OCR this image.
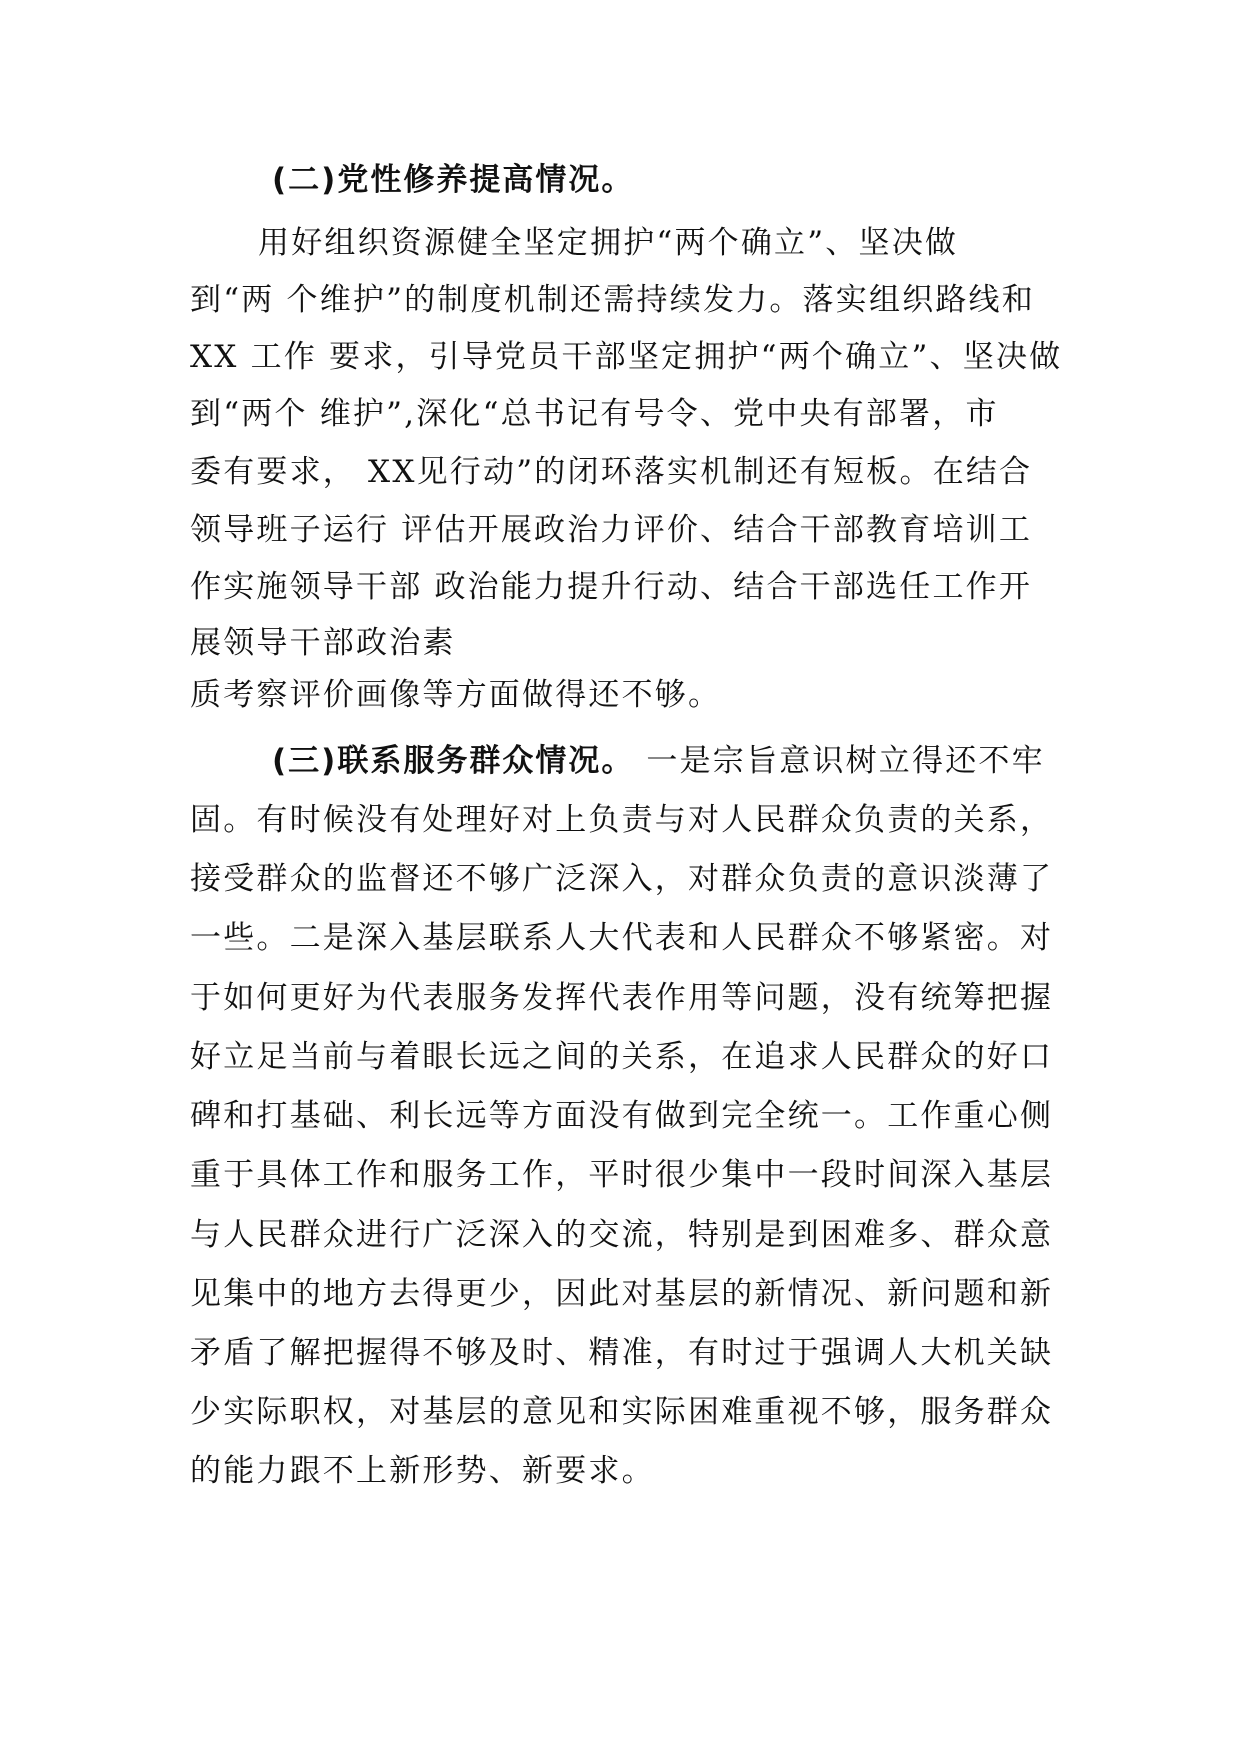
(二)党性修养提高情况。

用好组织资源健全坚定拥护“两个确立”、坚决做

到“两 个维护”的制度机制还需持续发力。落实组织路线和

XX 工作 要求，引导党员干部坚定拥护“两个确立”、坚决做

到“两个 维护”,深化“总书记有号令、党中央有部署，市

委有要求， XX见行动”的闭环落实机制还有短板。在结合

领导班子运行 评估开展政治力评价、结合干部教育培训工

作实施领导干部 政治能力提升行动、结合干部选任工作开

展领导干部政治素

质考察评价画像等方面做得还不够。

(三)联系服务群众情况。 一是宗旨意识树立得还不牢

固。有时候没有处理好对上负责与对人民群众负责的关系，

接受群众的监督还不够广泛深入，对群众负责的意识淡薄了

一些。二是深入基层联系人大代表和人民群众不够紧密。对

于如何更好为代表服务发挥代表作用等问题，没有统筹把握

好立足当前与着眼长远之间的关系，在追求人民群众的好口

碑和打基础、利长远等方面没有做到完全统一。工作重心侧

重于具体工作和服务工作，平时很少集中一段时间深入基层

与人民群众进行广泛深入的交流，特别是到困难多、群众意

见集中的地方去得更少，因此对基层的新情况、新问题和新

矛盾了解把握得不够及时、精准，有时过于强调人大机关缺

少实际职权，对基层的意见和实际困难重视不够，服务群众

的能力跟不上新形势、新要求。
